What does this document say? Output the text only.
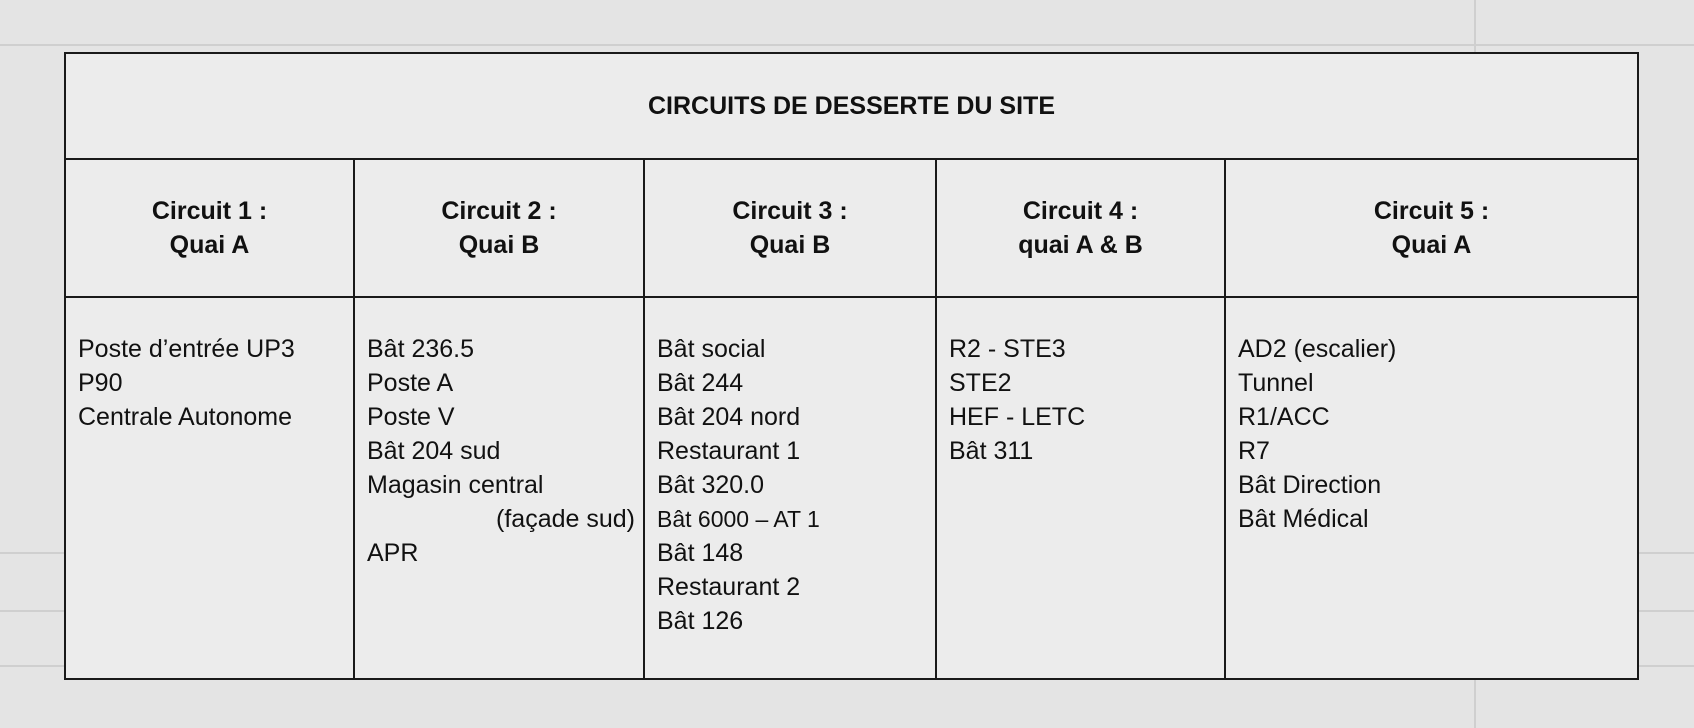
CIRCUITS DE DESSERTE DU SITE
Circuit 1 :
Quai A
Poste d’entrée UP3
P90
Centrale Autonome
Circuit 2 :
Quai B
Bât 236.5
Poste A
Poste V
Bât 204 sud
Magasin central
(façade sud)
APR
Circuit 3 :
Quai B
Bât social
Bât 244
Bât 204 nord
Restaurant 1
Bât 320.0
Bât 6000 – AT 1
Bât 148
Restaurant 2
Bât 126
Circuit 4 :
quai A & B
R2 - STE3
STE2
HEF - LETC
Bât 311
Circuit 5 :
Quai A
AD2 (escalier)
Tunnel
R1/ACC
R7
Bât Direction
Bât Médical
